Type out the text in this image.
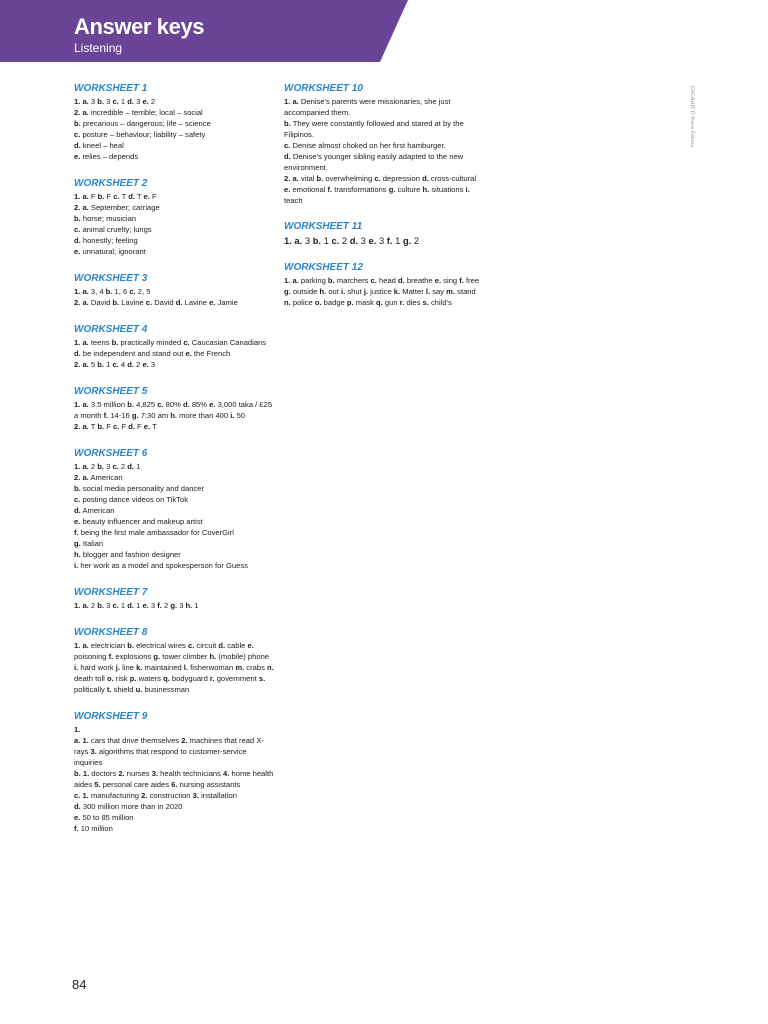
Answer keys
Listening
ENGAHIT Ó Pierre Éditora
WORKSHEET 1
1. a. 3 b. 3 c. 1 d. 3 e. 2
2. a. incredible – terrible; local – social
b. precarious – dangerous; life – science
c. posture – behaviour; liability – safety
d. kneel – heal
e. relies – depends
WORKSHEET 2
1. a. F b. F c. T d. T e. F
2. a. September; carriage
b. horse; musician
c. animal cruelty; lungs
d. honestly; feeling
e. unnatural; ignorant
WORKSHEET 3
1. a. 3, 4 b. 1, 6 c. 2, 5
2. a. David b. Lavine c. David d. Lavine e. Jamie
WORKSHEET 4
1. a. teens b. practically minded c. Caucasian Canadians d. be independent and stand out e. the French
2. a. 5 b. 1 c. 4 d. 2 e. 3
WORKSHEET 5
1. a. 3.5 million b. 4,825 c. 80% d. 85% e. 3,000 taka / £25 a month f. 14-16 g. 7:30 am h. more than 400 i. 50
2. a. T b. F c. F d. F e. T
WORKSHEET 6
1. a. 2 b. 3 c. 2 d. 1
2. a. American
b. social media personality and dancer
c. posting dance videos on TikTok
d. American
e. beauty influencer and makeup artist
f. being the first male ambassador for CoverGirl
g. Italian
h. blogger and fashion designer
i. her work as a model and spokesperson for Guess
WORKSHEET 7
1. a. 2 b. 3 c. 1 d. 1 e. 3 f. 2 g. 3 h. 1
WORKSHEET 8
1. a. electrician b. electrical wires c. circuit d. cable e. poisoning f. explosions g. tower climber h. (mobile) phone i. hard work j. line k. maintained l. fisherwoman m. crabs n. death toll o. risk p. waters q. bodyguard r. government s. politically t. shield u. businessman
WORKSHEET 9
1.
a. 1. cars that drive themselves 2. machines that read X-rays 3. algorithms that respond to customer-service inquiries
b. 1. doctors 2. nurses 3. health technicians 4. home health aides 5. personal care aides 6. nursing assistants
c. 1. manufacturing 2. construction 3. installation
d. 300 million more than in 2020
e. 50 to 85 million
f. 10 million
WORKSHEET 10
1. a. Denise's parents were missionaries, she just accompanied them.
b. They were constantly followed and stared at by the Filipinos.
c. Denise almost choked on her first hamburger.
d. Denise's younger sibling easily adapted to the new environment.
2. a. vital b. overwhelming c. depression d. cross-cultural e. emotional f. transformations g. culture h. situations i. teach
WORKSHEET 11
1. a. 3 b. 1 c. 2 d. 3 e. 3 f. 1 g. 2
WORKSHEET 12
1. a. parking b. marchers c. head d. breathe e. sing f. free g. outside h. out i. shut j. justice k. Matter l. say m. stand n. police o. badge p. mask q. gun r. dies s. child's
84
